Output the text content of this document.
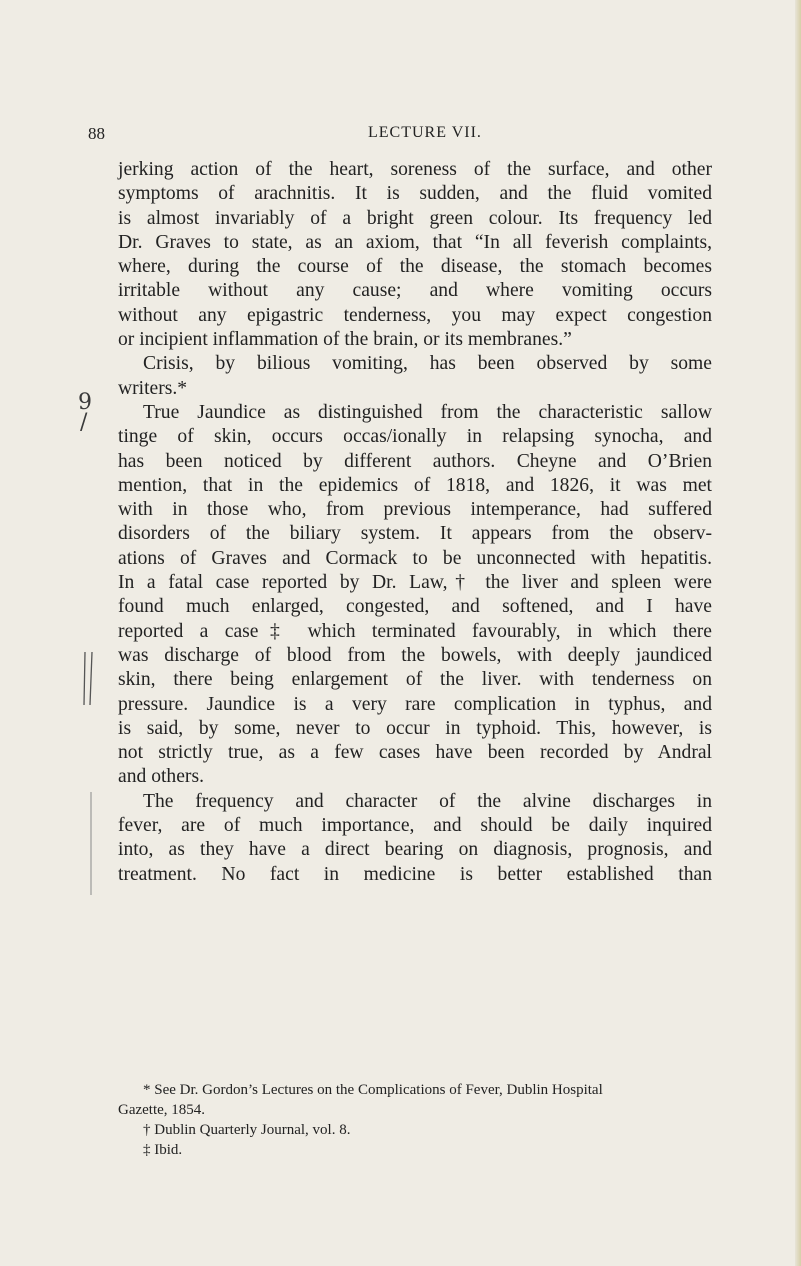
88	LECTURE VII.

jerking action of the heart, soreness of the surface, and other
symptoms of arachnitis. It is sudden, and the fluid vomited
is almost invariably of a bright green colour. Its frequency led
Dr. Graves to state, as an axiom, that “In all feverish complaints,
where, during the course of the disease, the stomach becomes
irritable without any cause; and where vomiting occurs
without any epigastric tenderness, you may expect congestion
or incipient inflammation of the brain, or its membranes.”

Crisis, by bilious vomiting, has been observed by some
writers.*

True Jaundice as distinguished from the characteristic sallow
tinge of skin, occurs occas/ionally in relapsing synocha, and
has been noticed by different authors. Cheyne and O’Brien
mention, that in the epidemics of 1818, and 1826, it was met
with in those who, from previous intemperance, had suffered
disorders of the biliary system. It appears from the observ-
ations of Graves and Cormack to be unconnected with hepatitis.
In a fatal case reported by Dr. Law,† the liver and spleen were
found much enlarged, congested, and softened, and I have
reported a case‡ which terminated favourably, in which there
was discharge of blood from the bowels, with deeply jaundiced
skin, there being enlargement of the liver. with tenderness on
pressure. Jaundice is a very rare complication in typhus, and
is said, by some, never to occur in typhoid. This, however, is
not strictly true, as a few cases have been recorded by Andral
and others.

The frequency and character of the alvine discharges in
fever, are of much importance, and should be daily inquired
into, as they have a direct bearing on diagnosis, prognosis, and
treatment. No fact in medicine is better established than

* See Dr. Gordon’s Lectures on the Complications of Fever, Dublin Hospital
Gazette, 1854.
† Dublin Quarterly Journal, vol. 8.
‡ Ibid.
9
/
